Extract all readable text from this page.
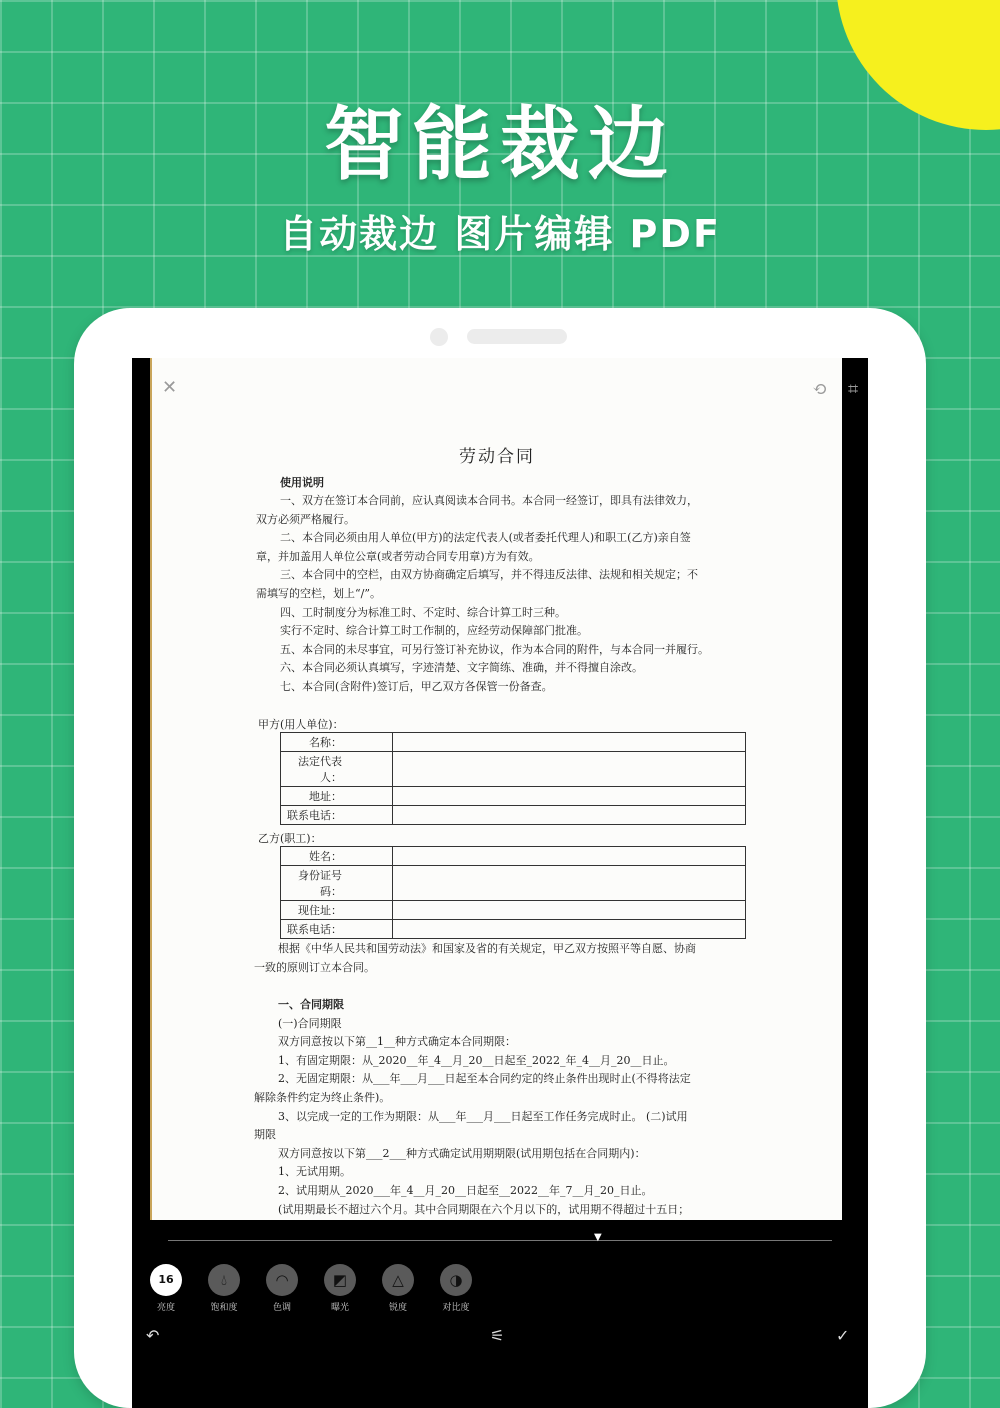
智能裁边
自动裁边 图片编辑 PDF
✕	⟲ ⌗
劳动合同
使用说明
一、双方在签订本合同前，应认真阅读本合同书。本合同一经签订，即具有法律效力，
双方必须严格履行。
二、本合同必须由用人单位(甲方)的法定代表人(或者委托代理人)和职工(乙方)亲自签
章，并加盖用人单位公章(或者劳动合同专用章)方为有效。
三、本合同中的空栏，由双方协商确定后填写，并不得违反法律、法规和相关规定；不
需填写的空栏，划上“/”。
四、工时制度分为标准工时、不定时、综合计算工时三种。
实行不定时、综合计算工时工作制的，应经劳动保障部门批准。
五、本合同的未尽事宜，可另行签订补充协议，作为本合同的附件，与本合同一并履行。
六、本合同必须认真填写，字迹清楚、文字简练、准确，并不得擅自涂改。
七、本合同(含附件)签订后，甲乙双方各保管一份备查。
甲方(用人单位)：
名称：	
法定代表人：	
地址：	
联系电话：	
乙方(职工)：
姓名：	
身份证号码：	
现住址：	
联系电话：	
根据《中华人民共和国劳动法》和国家及省的有关规定，甲乙双方按照平等自愿、协商
一致的原则订立本合同。
一、合同期限
(一)合同期限
双方同意按以下第__1__种方式确定本合同期限：
1、有固定期限：从_2020__年_4__月_20__日起至_2022_年_4__月_20__日止。
2、无固定期限：从___年___月___日起至本合同约定的终止条件出现时止(不得将法定
解除条件约定为终止条件)。
3、以完成一定的工作为期限：从___年___月___日起至工作任务完成时止。 (二)试用
期限
双方同意按以下第___2___种方式确定试用期期限(试用期包括在合同期内)：
1、无试用期。
2、试用期从_2020___年_4__月_20__日起至__2022__年_7__月_20_日止。
(试用期最长不超过六个月。其中合同期限在六个月以下的，试用期不得超过十五日；
▼
16
亮度
💧︎
饱和度
◠
色调
◩
曝光
△
锐度
◑
对比度
↶	⚟	✓
